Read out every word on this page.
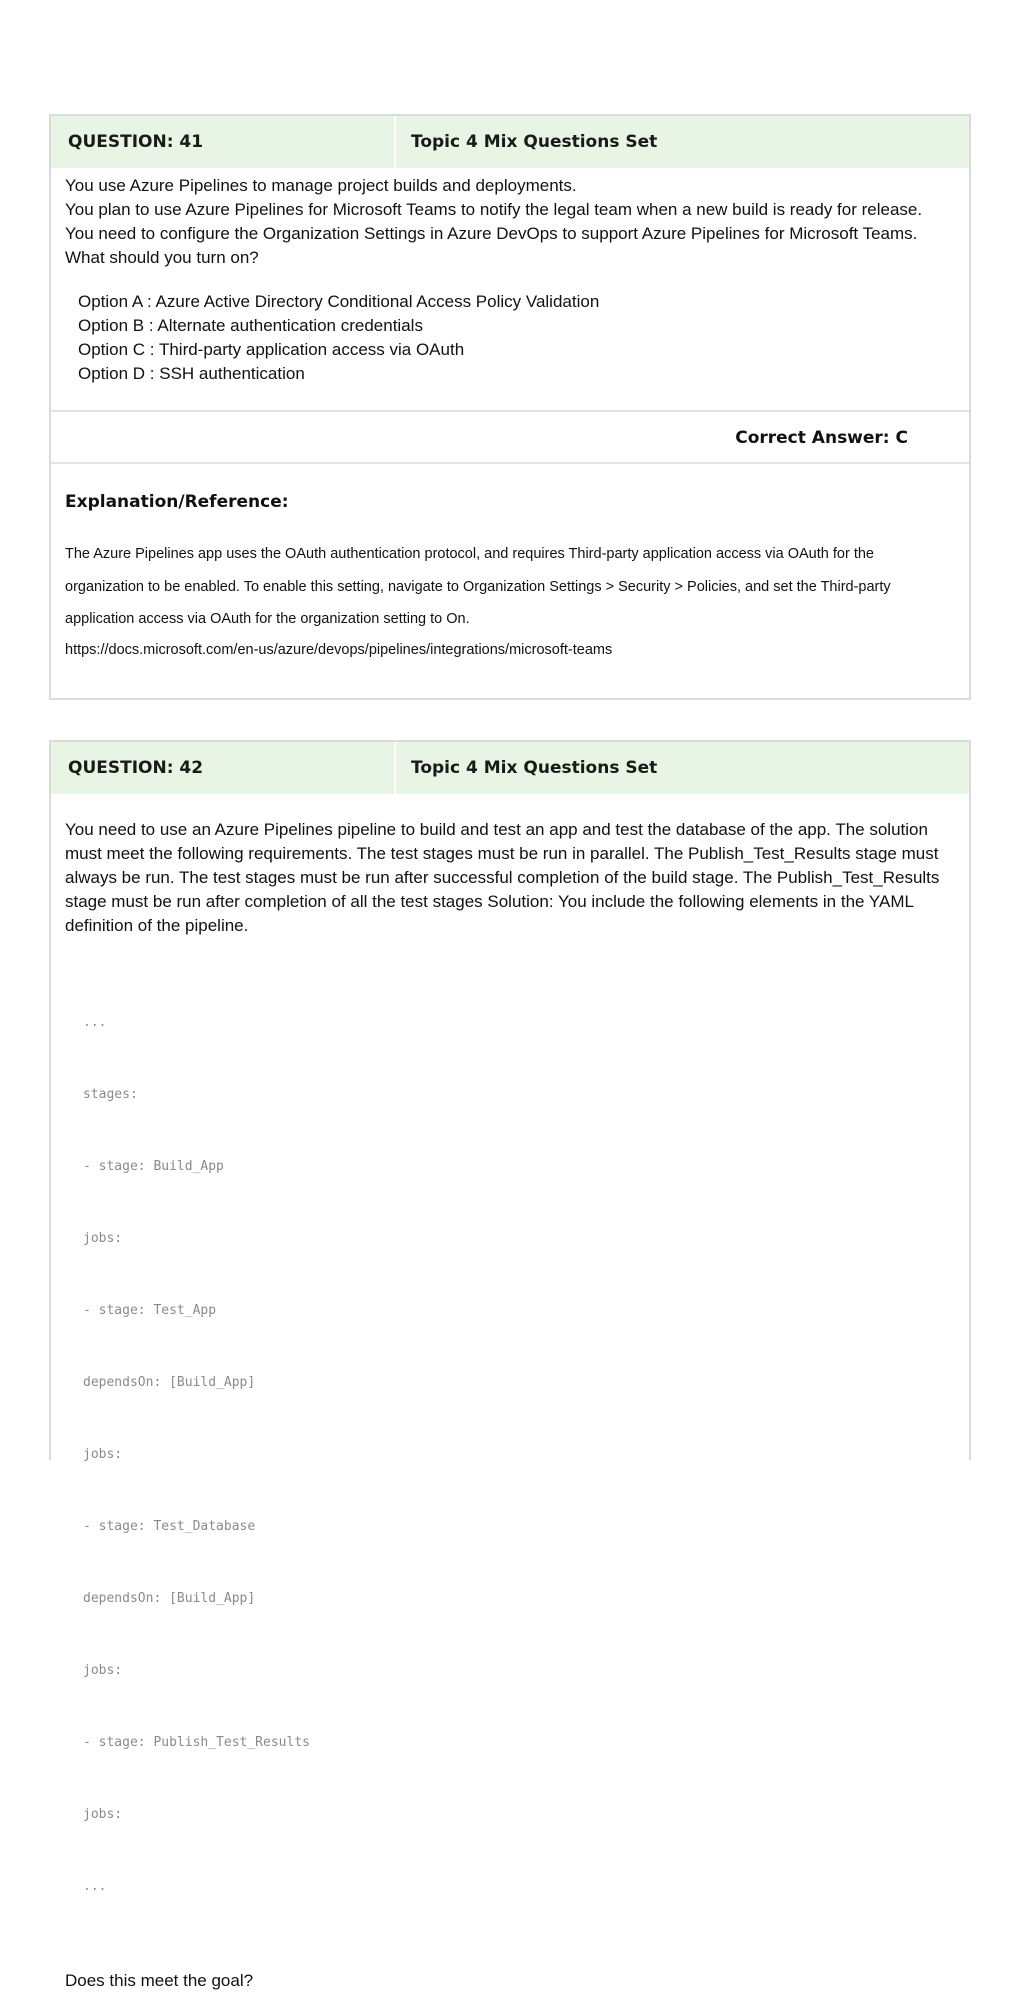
QUESTION: 41	Topic 4 Mix Questions Set

You use Azure Pipelines to manage project builds and deployments.

You plan to use Azure Pipelines for Microsoft Teams to notify the legal team when a new build is ready for release. You need to configure the Organization Settings in Azure DevOps to support Azure Pipelines for Microsoft Teams. What should you turn on?

Option A : Azure Active Directory Conditional Access Policy Validation
Option B : Alternate authentication credentials
Option C : Third-party application access via OAuth
Option D : SSH authentication
Correct Answer: C

Explanation/Reference:

The Azure Pipelines app uses the OAuth authentication protocol, and requires Third-party application access via OAuth for the organization to be enabled. To enable this setting, navigate to Organization Settings > Security > Policies, and set the Third-party application access via OAuth for the organization setting to On.

https://docs.microsoft.com/en-us/azure/devops/pipelines/integrations/microsoft-teams

QUESTION: 42	Topic 4 Mix Questions Set

You need to use an Azure Pipelines pipeline to build and test an app and test the database of the app. The solution must meet the following requirements. The test stages must be run in parallel. The Publish_Test_Results stage must always be run. The test stages must be run after successful completion of the build stage. The Publish_Test_Results stage must be run after completion of all the test stages Solution: You include the following elements in the YAML definition of the pipeline.

...

stages:

- stage: Build_App

jobs:

- stage: Test_App

dependsOn: [Build_App]

jobs:

- stage: Test_Database

dependsOn: [Build_App]

jobs:

- stage: Publish_Test_Results

jobs:

...

Does this meet the goal?
